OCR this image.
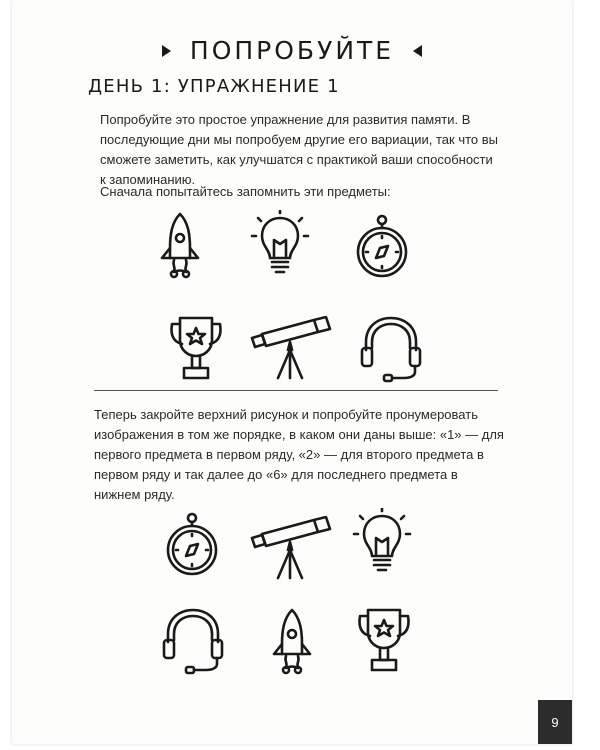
ПОПРОБУЙТЕ
ДЕНЬ 1: УПРАЖНЕНИЕ 1
Попробуйте это простое упражнение для развития памяти. В последующие дни мы попробуем другие его вариации, так что вы сможете заметить, как улучшатся с практикой ваши способности к запоминанию.
Сначала попытайтесь запомнить эти предметы:
Теперь закройте верхний рисунок и попробуйте пронумеровать изображения в том же порядке, в каком они даны выше: «1» — для первого предмета в первом ряду, «2» — для второго предмета в первом ряду и так далее до «6» для последнего предмета в нижнем ряду.
9
